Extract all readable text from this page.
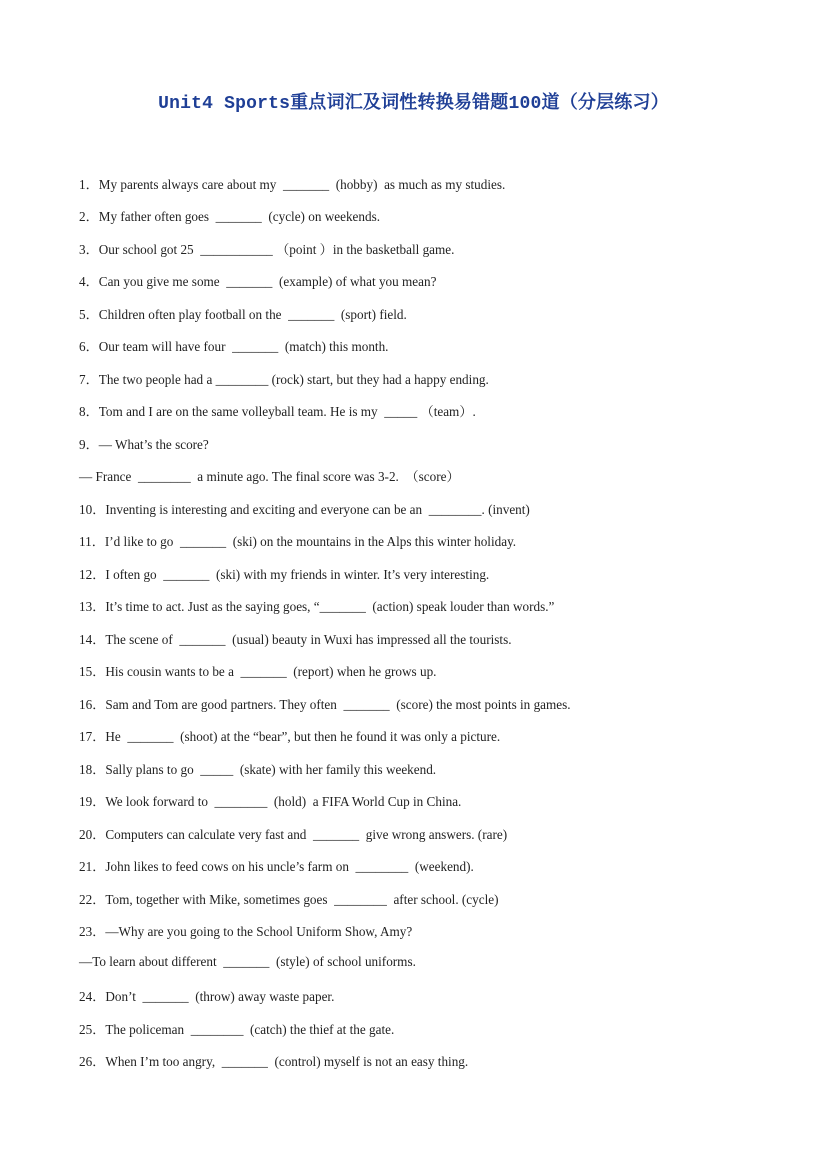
Unit4 Sports重点词汇及词性转换易错题100道（分层练习）
1．My parents always care about my  _______  (hobby)  as much as my studies.
2．My father often goes  _______  (cycle) on weekends.
3．Our school got 25  ___________ （point ）in the basketball game.
4．Can you give me some  _______  (example) of what you mean?
5．Children often play football on the  _______  (sport) field.
6．Our team will have four  _______  (match) this month.
7．The two people had a ________ (rock) start, but they had a happy ending.
8．Tom and I are on the same volleyball team. He is my  _____ （team）.
9．— What’s the score?
— France  ________  a minute ago. The final score was 3-2.  （score）
10．Inventing is interesting and exciting and everyone can be an  ________. (invent)
11．I’d like to go  _______  (ski) on the mountains in the Alps this winter holiday.
12．I often go  _______  (ski) with my friends in winter. It’s very interesting.
13．It’s time to act. Just as the saying goes, “_______  (action) speak louder than words.”
14．The scene of  _______  (usual) beauty in Wuxi has impressed all the tourists.
15．His cousin wants to be a  _______  (report) when he grows up.
16．Sam and Tom are good partners. They often  _______  (score) the most points in games.
17．He  _______  (shoot) at the “bear”, but then he found it was only a picture.
18．Sally plans to go  _____  (skate) with her family this weekend.
19．We look forward to  ________  (hold)  a FIFA World Cup in China.
20．Computers can calculate very fast and  _______  give wrong answers. (rare)
21．John likes to feed cows on his uncle’s farm on  ________  (weekend).
22．Tom, together with Mike, sometimes goes  ________  after school. (cycle)
23．—Why are you going to the School Uniform Show, Amy?
—To learn about different  _______  (style) of school uniforms.
24．Don’t  _______  (throw) away waste paper.
25．The policeman  ________  (catch) the thief at the gate.
26．When I’m too angry,  _______  (control) myself is not an easy thing.
